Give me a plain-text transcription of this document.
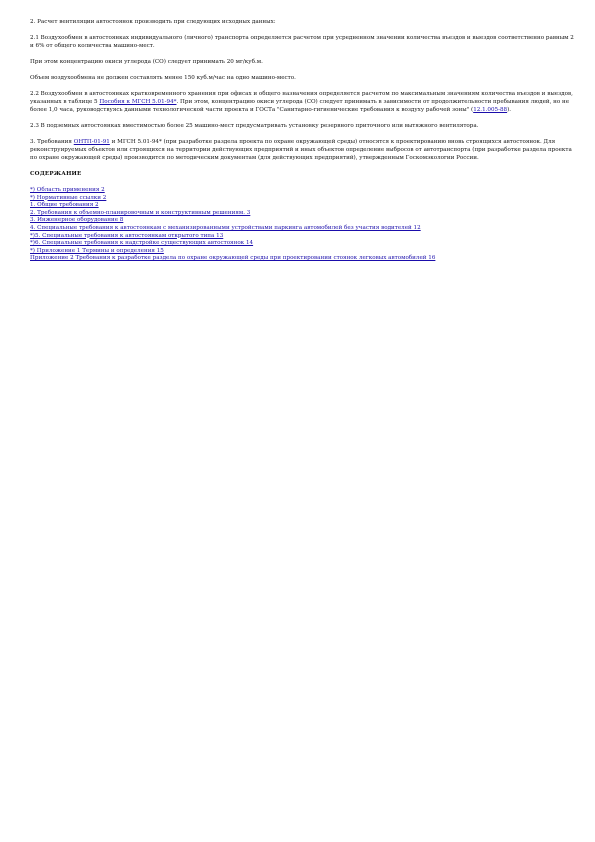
2. Расчет вентиляции автостоянок производить при следующих исходных данных:

2.1 Воздухообмен в автостоянках индивидуального (личного) транспорта определяется расчетом при усредненном значении количества въездов и выездов соответственно равным 2 и 6% от общего количества машино-мест.

При этом концентрацию окиси углерода (СО) следует принимать 20 мг/куб.м.

Объем воздухообмена не должен составлять менее 150 куб.м/час на одно машино-место.

2.2 Воздухообмен в автостоянках кратковременного хранения при офисах и общего назначения определяется расчетом по максимальным значениям количества въездов и выездов, указанных в таблице 5 Пособия к МГСН 5.01-94*. При этом, концентрацию окиси углерода (СО) следует принимать в зависимости от продолжительности пребывания людей, но не более 1,0 часа, руководствуясь данными технологической части проекта и ГОСТа "Санитарно-гигиенические требования к воздуху рабочей зоны" (12.1.005-88).

2.3 В подземных автостоянках вместимостью более 25 машино-мест предусматривать установку резервного приточного или вытяжного вентилятора.

3. Требования ОНТП-01-91 и МГСН 5.01-94* (при разработке раздела проекта по охране окружающей среды) относятся к проектированию вновь строящихся автостоянок. Для реконструируемых объектов или строящихся на территории действующих предприятий и иных объектов определение выбросов от автотранспорта (при разработке раздела проекта по охране окружающей среды) производится по методическим документам (для действующих предприятий), утвержденным Госкомэкологии России.

СОДЕРЖАНИЕ

*) Область применения 2
*) Нормативные ссылки 2
1. Общие требования 2
2. Требования к объемно-планировочным и конструктивным решениям. 3
3. Инженерное оборудование 8
4. Специальные требования к автостоянкам с механизированными устройствами паркинга автомобилей без участия водителей 12
*)5. Специальные требования к автостоянкам открытого типа 13
*)6. Специальные требования к надстройке существующих автостоянок 14
*) Приложение 1 Термины и определения 15
Приложение 2 Требования к разработке раздела по охране окружающей среды при проектировании стоянок легковых автомобилей 16
